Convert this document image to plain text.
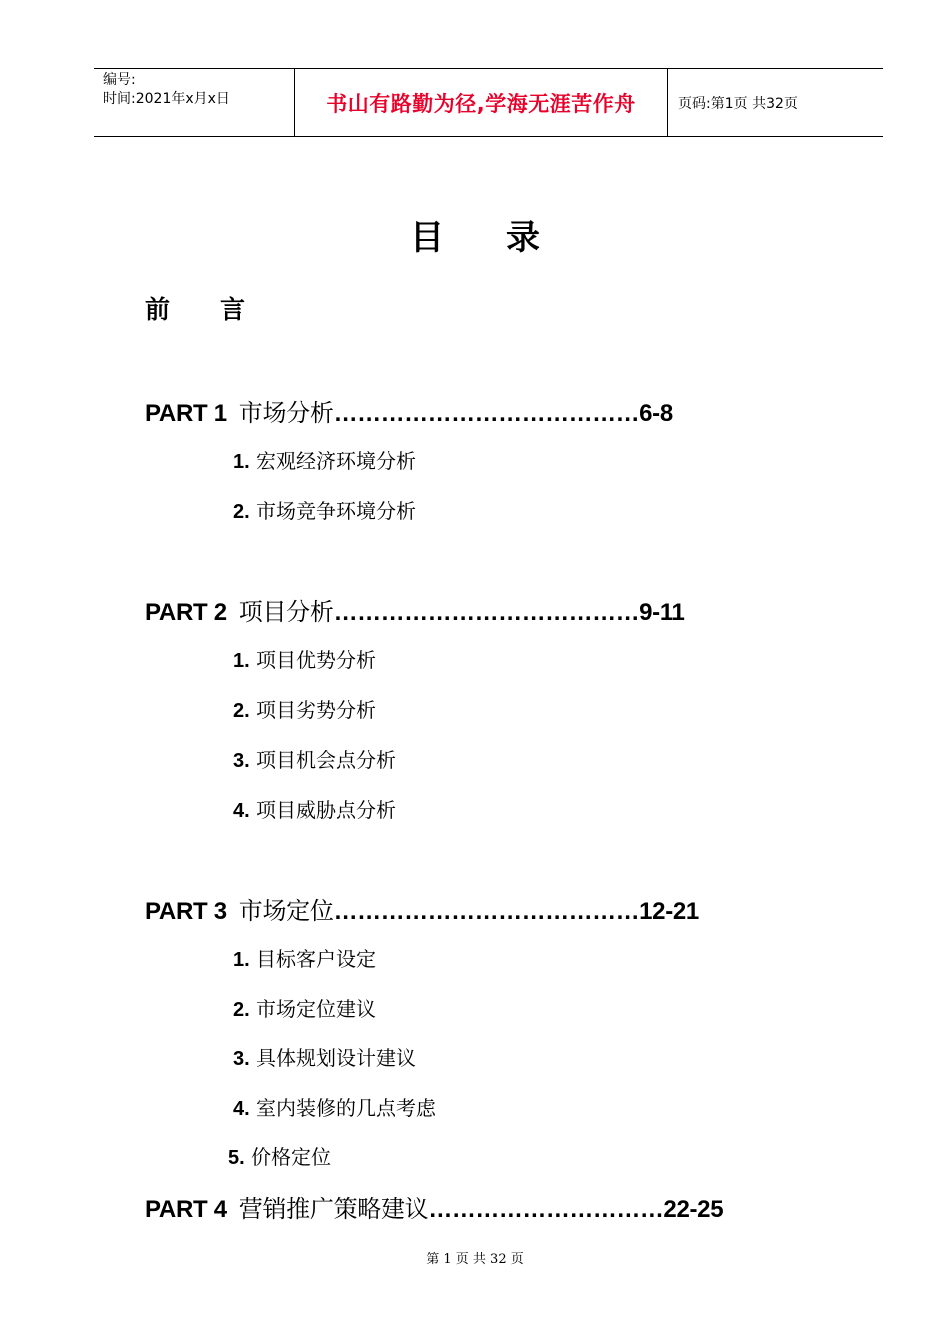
编号:
时间:2021年x月x日	书山有路勤为径,学海无涯苦作舟	页码:第1页 共32页
目 录
前 言
PART 1 市场分析…………………………………6-8
1. 宏观经济环境分析
2. 市场竞争环境分析
PART 2 项目分析…………………………………9-11
1. 项目优势分析
2. 项目劣势分析
3. 项目机会点分析
4. 项目威胁点分析
PART 3 市场定位…………………………………12-21
1. 目标客户设定
2. 市场定位建议
3. 具体规划设计建议
4. 室内装修的几点考虑
5. 价格定位
PART 4 营销推广策略建议…………………………22-25
第 1 页 共 32 页
